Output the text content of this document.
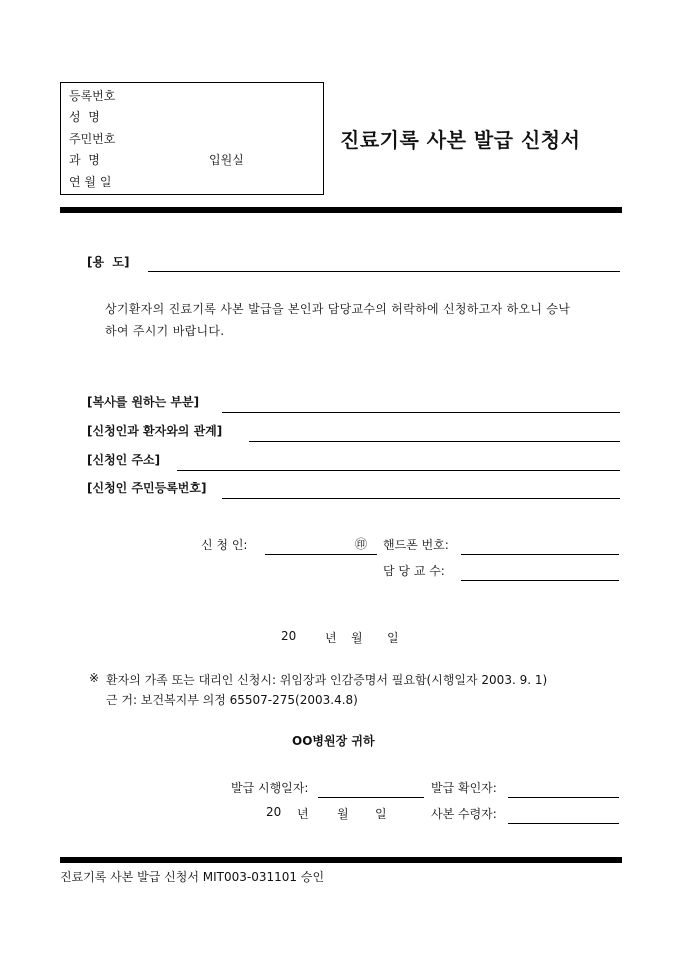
등록번호
성  명
주민번호
과  명	입원실
연 월 일
진료기록 사본 발급 신청서
[용  도]
상기환자의 진료기록 사본 발급을 본인과 담당교수의 허락하에 신청하고자 하오니 승낙
하여 주시기 바랍니다.
[복사를 원하는 부분]
[신청인과 환자와의 관계]
[신청인 주소]
[신청인 주민등록번호]
신 청 인:	㊞ 핸드폰 번호:
담 당 교 수:
20 년 월 일
※ 환자의 가족 또는 대리인 신청시: 위임장과 인감증명서 필요함(시행일자 2003. 9. 1)
근 거: 보건복지부 의정 65507-275(2003.4.8)
OO병원장 귀하
발급 시행일자:	발급 확인자:
20 년 월 일	사본 수령자:
진료기록 사본 발급 신청서 MIT003-031101 승인
